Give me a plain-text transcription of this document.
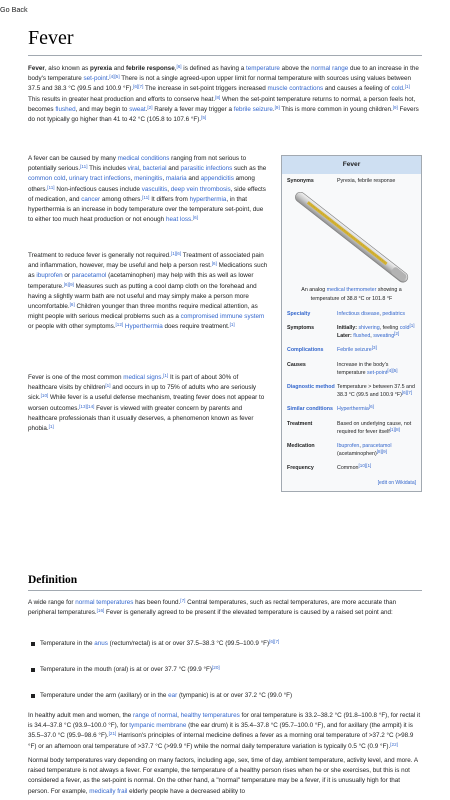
Go Back
Fever

Fever, also known as pyrexia and febrile response,[6] is defined as having a temperature above the normal range due to an increase in the body's temperature set-point.[4][5] There is not a single agreed-upon upper limit for normal temperature with sources using values between 37.5 and 38.3 °C (99.5 and 100.9 °F).[6][7] The increase in set-point triggers increased muscle contractions and causes a feeling of cold.[1] This results in greater heat production and efforts to conserve heat.[8] When the set-point temperature returns to normal, a person feels hot, becomes flushed, and may begin to sweat.[2] Rarely a fever may trigger a febrile seizure.[9] This is more common in young children.[9] Fevers do not typically go higher than 41 to 42 °C (105.8 to 107.6 °F).[5]

A fever can be caused by many medical conditions ranging from not serious to potentially serious.[11] This includes viral, bacterial and parasitic infections such as the common cold, urinary tract infections, meningitis, malaria and appendicitis among others.[11] Non-infectious causes include vasculitis, deep vein thrombosis, side effects of medication, and cancer among others.[11] It differs from hyperthermia, in that hyperthermia is an increase in body temperature over the temperature set-point, due to either too much heat production or not enough heat loss.[6]

Treatment to reduce fever is generally not required.[1][6] Treatment of associated pain and inflammation, however, may be useful and help a person rest.[6] Medications such as ibuprofen or paracetamol (acetaminophen) may help with this as well as lower temperature.[6][9] Measures such as putting a cool damp cloth on the forehead and having a slightly warm bath are not useful and may simply make a person more uncomfortable.[6] Children younger than three months require medical attention, as might people with serious medical problems such as a compromised immune system or people with other symptoms.[12] Hyperthermia does require treatment.[1]

Fever is one of the most common medical signs.[1] It is part of about 30% of healthcare visits by children[1] and occurs in up to 75% of adults who are seriously sick.[10] While fever is a useful defense mechanism, treating fever does not appear to worsen outcomes.[13][14] Fever is viewed with greater concern by parents and healthcare professionals than it usually deserves, a phenomenon known as fever phobia.[1]

Fever
Synonyms	Pyrexia, febrile response
An analog medical thermometer showing a temperature of 38.8 °C or 101.8 °F
Specialty	Infectious disease, pediatrics
Symptoms	Initially: shivering, feeling cold[1]
Later: flushed, sweating[2]
Complications	Febrile seizure[3]
Causes	Increase in the body's temperature set-point[4][5]
Diagnostic method Temperature > between 37.5 and 38.3 °C (99.5 and 100.9 °F)[6][7]
Similar conditions Hyperthermia[6]
Treatment	Based on underlying cause, not required for fever itself[1][8]
Medication	Ibuprofen, paracetamol (acetaminophen)[8][9]
Frequency	Common[10][1]
[edit on Wikidata]
Definition

A wide range for normal temperatures has been found.[7] Central temperatures, such as rectal temperatures, are more accurate than peripheral temperatures.[16] Fever is generally agreed to be present if the elevated temperature is caused by a raised set point and:

Temperature in the anus (rectum/rectal) is at or over 37.5–38.3 °C (99.5–100.9 °F)[6][7]
Temperature in the mouth (oral) is at or over 37.7 °C (99.9 °F)[20]
Temperature under the arm (axillary) or in the ear (tympanic) is at or over 37.2 °C (99.0 °F)

In healthy adult men and women, the range of normal, healthy temperatures for oral temperature is 33.2–38.2 °C (91.8–100.8 °F), for rectal it is 34.4–37.8 °C (93.9–100.0 °F), for tympanic membrane (the ear drum) it is 35.4–37.8 °C (95.7–100.0 °F), and for axillary (the armpit) it is 35.5–37.0 °C (95.9–98.6 °F).[21] Harrison's principles of internal medicine defines a fever as a morning oral temperature of >37.2 °C (>98.9 °F) or an afternoon oral temperature of >37.7 °C (>99.9 °F) while the normal daily temperature variation is typically 0.5 °C (0.9 °F).[22]

Normal body temperatures vary depending on many factors, including age, sex, time of day, ambient temperature, activity level, and more. A raised temperature is not always a fever. For example, the temperature of a healthy person rises when he or she exercises, but this is not considered a fever, as the set-point is normal. On the other hand, a "normal" temperature may be a fever, if it is unusually high for that person. For example, medically frail elderly people have a decreased ability to
